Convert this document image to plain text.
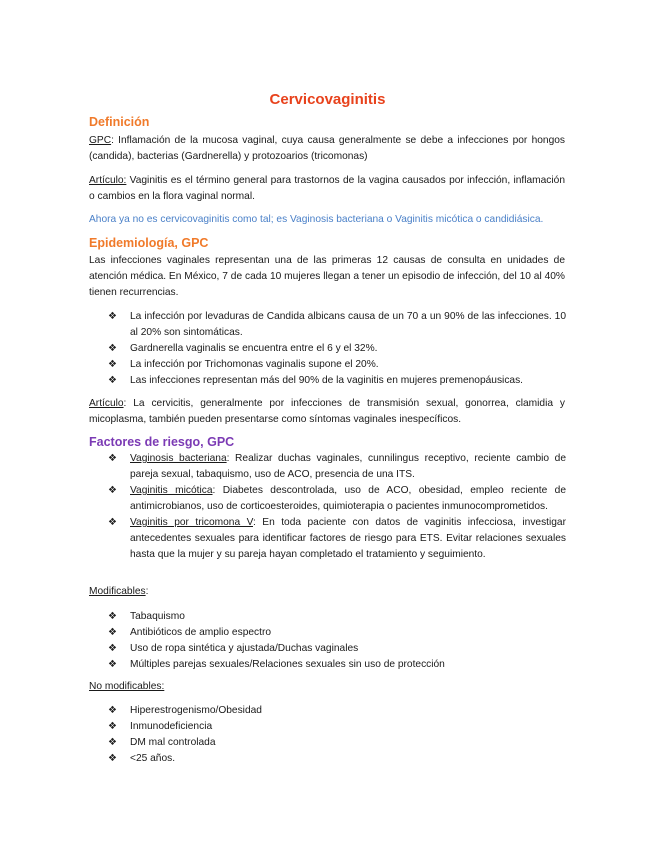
Cervicovaginitis
Definición
GPC: Inflamación de la mucosa vaginal, cuya causa generalmente se debe a infecciones por hongos (candida), bacterias (Gardnerella) y protozoarios (tricomonas)
Artículo: Vaginitis es el término general para trastornos de la vagina causados por infección, inflamación o cambios en la flora vaginal normal.
Ahora ya no es cervicovaginitis como tal; es Vaginosis bacteriana o Vaginitis micótica o candidiásica.
Epidemiología, GPC
Las infecciones vaginales representan una de las primeras 12 causas de consulta en unidades de atención médica. En México, 7 de cada 10 mujeres llegan a tener un episodio de infección, del 10 al 40% tienen recurrencias.
❖ La infección por levaduras de Candida albicans causa de un 70 a un 90% de las infecciones. 10 al 20% son sintomáticas.
❖ Gardnerella vaginalis se encuentra entre el 6 y el 32%.
❖ La infección por Trichomonas vaginalis supone el 20%.
❖ Las infecciones representan más del 90% de la vaginitis en mujeres premenopáusicas.
Artículo: La cervicitis, generalmente por infecciones de transmisión sexual, gonorrea, clamidia y micoplasma, también pueden presentarse como síntomas vaginales inespecíficos.
Factores de riesgo, GPC
❖ Vaginosis bacteriana: Realizar duchas vaginales, cunnilingus receptivo, reciente cambio de pareja sexual, tabaquismo, uso de ACO, presencia de una ITS.
❖ Vaginitis micótica: Diabetes descontrolada, uso de ACO, obesidad, empleo reciente de antimicrobianos, uso de corticoesteroides, quimioterapia o pacientes inmunocomprometidos.
❖ Vaginitis por tricomona V: En toda paciente con datos de vaginitis infecciosa, investigar antecedentes sexuales para identificar factores de riesgo para ETS. Evitar relaciones sexuales hasta que la mujer y su pareja hayan completado el tratamiento y seguimiento.
Modificables:
❖ Tabaquismo
❖ Antibióticos de amplio espectro
❖ Uso de ropa sintética y ajustada/Duchas vaginales
❖ Múltiples parejas sexuales/Relaciones sexuales sin uso de protección
No modificables:
❖ Hiperestrogenismo/Obesidad
❖ Inmunodeficiencia
❖ DM mal controlada
❖ <25 años.
